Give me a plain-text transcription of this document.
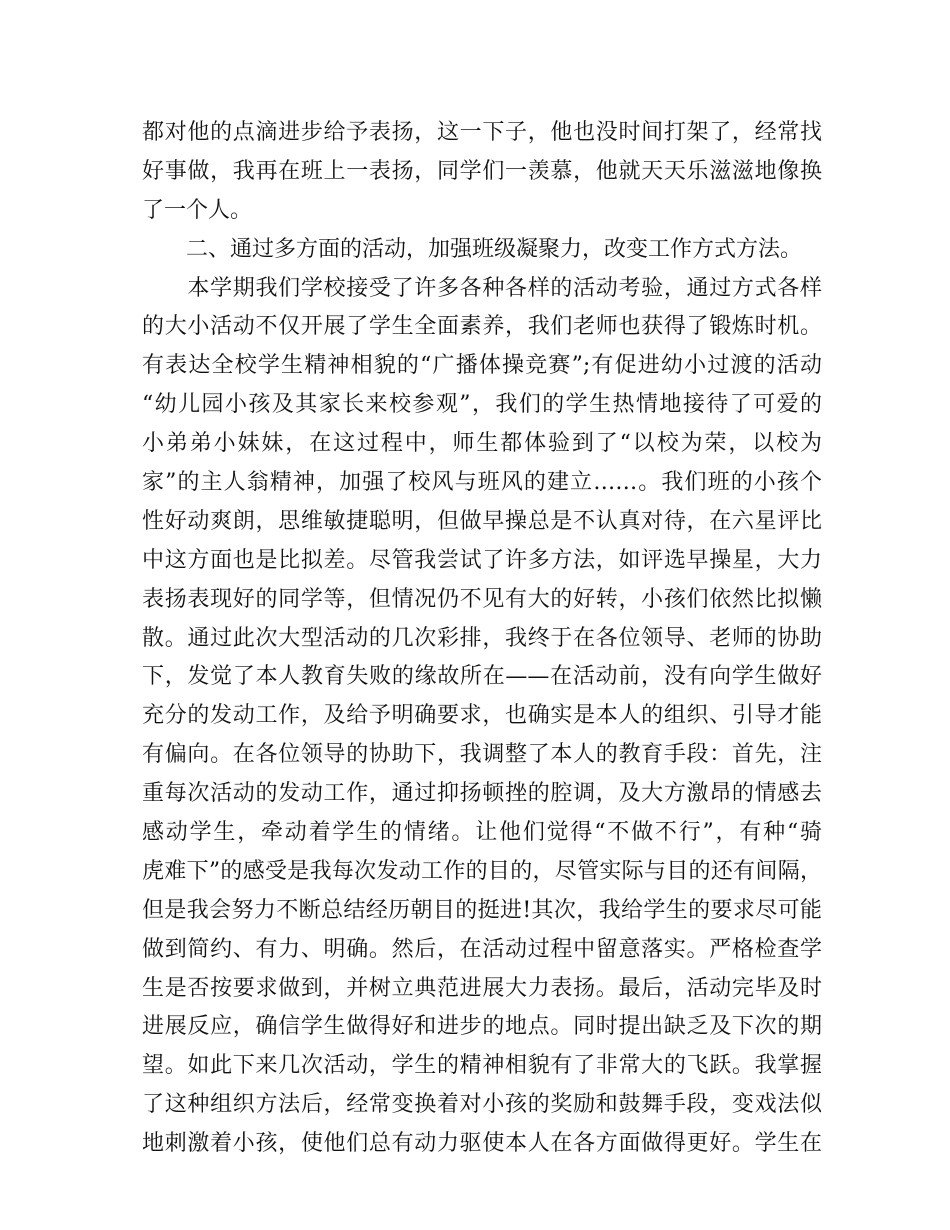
都对他的点滴进步给予表扬，这一下子，他也没时间打架了，经常找
好事做，我再在班上一表扬，同学们一羡慕，他就天天乐滋滋地像换
了一个人。
　　二、通过多方面的活动，加强班级凝聚力，改变工作方式方法。
　　本学期我们学校接受了许多各种各样的活动考验，通过方式各样
的大小活动不仅开展了学生全面素养，我们老师也获得了锻炼时机。
有表达全校学生精神相貌的“广播体操竞赛”;有促进幼小过渡的活动
“幼儿园小孩及其家长来校参观”，我们的学生热情地接待了可爱的
小弟弟小妹妹，在这过程中，师生都体验到了“以校为荣，以校为
家”的主人翁精神，加强了校风与班风的建立……。我们班的小孩个
性好动爽朗，思维敏捷聪明，但做早操总是不认真对待，在六星评比
中这方面也是比拟差。尽管我尝试了许多方法，如评选早操星，大力
表扬表现好的同学等，但情况仍不见有大的好转，小孩们依然比拟懒
散。通过此次大型活动的几次彩排，我终于在各位领导、老师的协助
下，发觉了本人教育失败的缘故所在——在活动前，没有向学生做好
充分的发动工作，及给予明确要求，也确实是本人的组织、引导才能
有偏向。在各位领导的协助下，我调整了本人的教育手段：首先，注
重每次活动的发动工作，通过抑扬顿挫的腔调，及大方激昂的情感去
感动学生，牵动着学生的情绪。让他们觉得“不做不行”，有种“骑
虎难下”的感受是我每次发动工作的目的，尽管实际与目的还有间隔，
但是我会努力不断总结经历朝目的挺进!其次，我给学生的要求尽可能
做到简约、有力、明确。然后，在活动过程中留意落实。严格检查学
生是否按要求做到，并树立典范进展大力表扬。最后，活动完毕及时
进展反应，确信学生做得好和进步的地点。同时提出缺乏及下次的期
望。如此下来几次活动，学生的精神相貌有了非常大的飞跃。我掌握
了这种组织方法后，经常变换着对小孩的奖励和鼓舞手段，变戏法似
地刺激着小孩，使他们总有动力驱使本人在各方面做得更好。学生在
